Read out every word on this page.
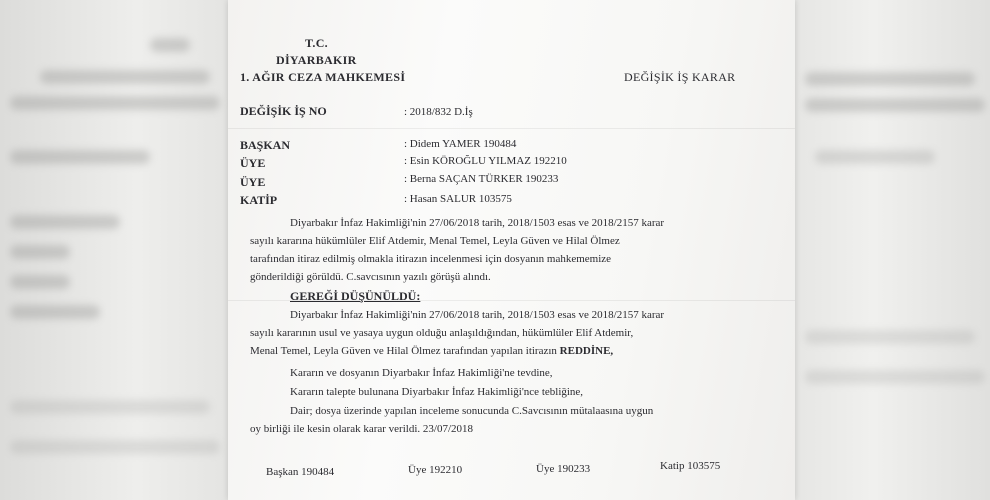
T.C.
DİYARBAKIR
1. AĞIR CEZA MAHKEMESİ	DEĞİŞİK İŞ KARAR
DEĞİŞİK İŞ NO	: 2018/832 D.İş
BAŞKAN	: Didem YAMER 190484
ÜYE	: Esin KÖROĞLU YILMAZ 192210
ÜYE	: Berna SAÇAN TÜRKER 190233
KATİP	: Hasan SALUR 103575
Diyarbakır İnfaz Hakimliği'nin 27/06/2018 tarih, 2018/1503 esas ve 2018/2157 karar
sayılı kararına hükümlüler Elif Atdemir, Menal Temel, Leyla Güven ve Hilal Ölmez
tarafından itiraz edilmiş olmakla itirazın incelenmesi için dosyanın mahkememize
gönderildiği görüldü. C.savcısının yazılı görüşü alındı.
GEREĞİ DÜŞÜNÜLDÜ:
Diyarbakır İnfaz Hakimliği'nin 27/06/2018 tarih, 2018/1503 esas ve 2018/2157 karar
sayılı kararının usul ve yasaya uygun olduğu anlaşıldığından, hükümlüler Elif Atdemir,
Menal Temel, Leyla Güven ve Hilal Ölmez tarafından yapılan itirazın REDDİNE,
Kararın ve dosyanın Diyarbakır İnfaz Hakimliği'ne tevdine,
Kararın talepte bulunana Diyarbakır İnfaz Hakimliği'nce tebliğine,
Dair; dosya üzerinde yapılan inceleme sonucunda C.Savcısının mütalaasına uygun
oy birliği ile kesin olarak karar verildi. 23/07/2018
Başkan 190484	Üye 192210	Üye 190233	Katip 103575
